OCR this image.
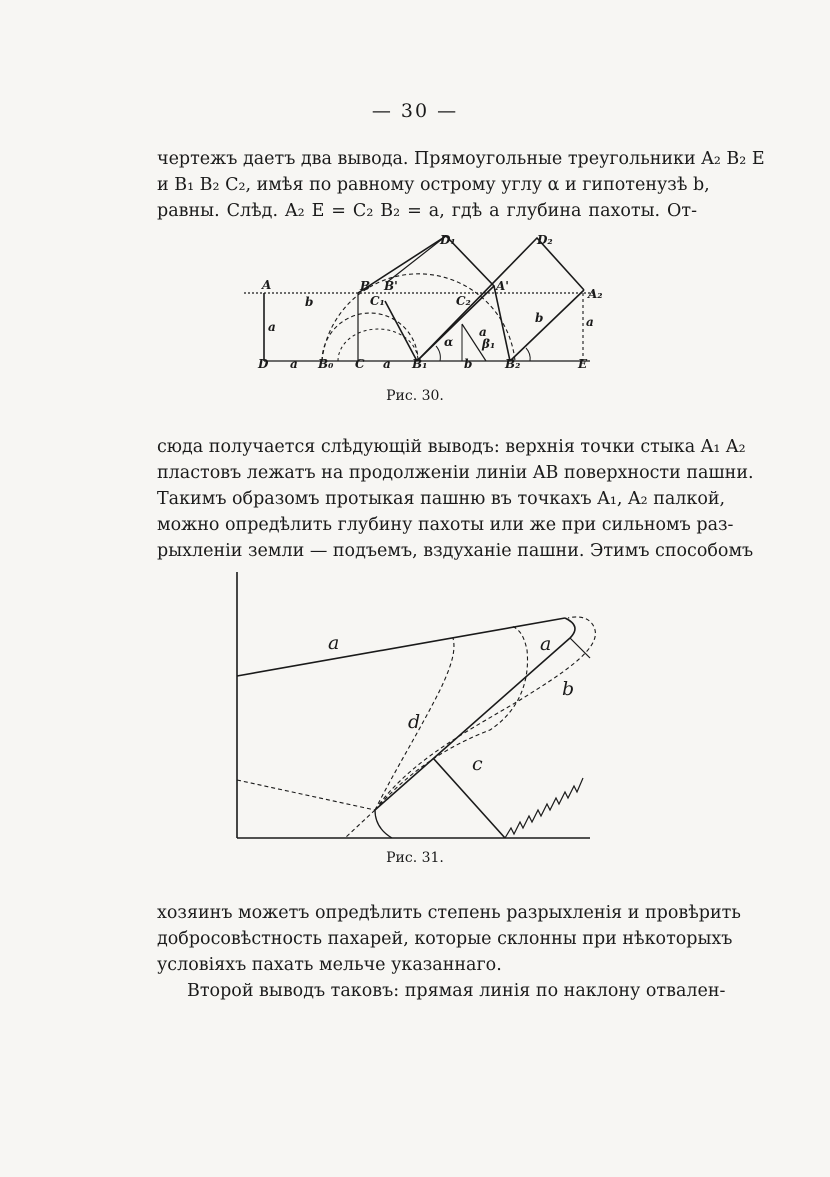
— 30 —
чертежъ даетъ два вывода. Прямоугольные треугольники A₂ B₂ E
и B₁ B₂ C₂, имѣя по равному острому углу α и гипотенузѣ b,
равны. Слѣд. A₂ E = C₂ B₂ = a, гдѣ a глубина пахоты. От-
A	B B'
C₁	C₂
A'
A₂
D₁	D₂
b
a
b
a
α β₁
a
D a B₀ C a B₁	b	B₂	E
Рис. 30.
сюда получается слѣдующій выводъ: верхнія точки стыка A₁ A₂
пластовъ лежатъ на продолженіи линіи AB поверхности пашни.
Такимъ образомъ протыкая пашню въ точкахъ A₁, A₂ палкой,
можно опредѣлить глубину пахоты или же при сильномъ раз-
рыхленіи земли — подъемъ, вздуханіе пашни. Этимъ способомъ
a	a
b
c
d
Рис. 31.
хозяинъ можетъ опредѣлить степень разрыхленія и провѣрить
добросовѣстность пахарей, которые склонны при нѣкоторыхъ
условіяхъ пахать мельче указаннаго.
Второй выводъ таковъ: прямая линія по наклону отвален-
